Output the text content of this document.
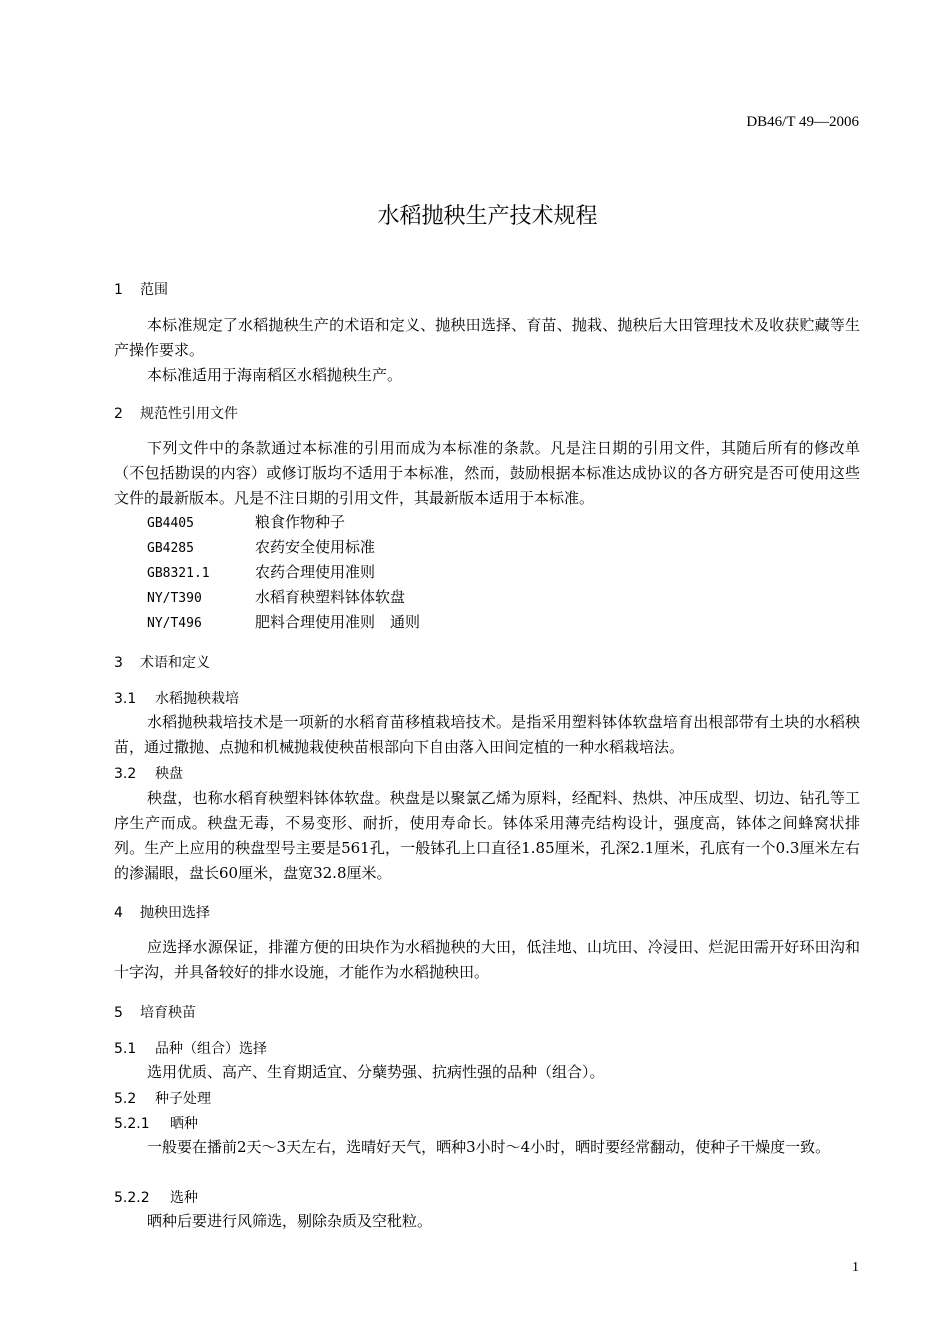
DB46/T 49—2006
水稻抛秧生产技术规程
1 范围
本标准规定了水稻抛秧生产的术语和定义、抛秧田选择、育苗、抛栽、抛秧后大田管理技术及收获贮藏等生产操作要求。
本标准适用于海南稻区水稻抛秧生产。
2 规范性引用文件
下列文件中的条款通过本标准的引用而成为本标准的条款。凡是注日期的引用文件，其随后所有的修改单（不包括勘误的内容）或修订版均不适用于本标准，然而，鼓励根据本标准达成协议的各方研究是否可使用这些文件的最新版本。凡是不注日期的引用文件，其最新版本适用于本标准。
GB4405	粮食作物种子
GB4285	农药安全使用标准
GB8321.1	农药合理使用准则
NY/T390	水稻育秧塑料钵体软盘
NY/T496	肥料合理使用准则　通则
3 术语和定义
3.1 水稻抛秧栽培
水稻抛秧栽培技术是一项新的水稻育苗移植栽培技术。是指采用塑料钵体软盘培育出根部带有土块的水稻秧苗，通过撒抛、点抛和机械抛栽使秧苗根部向下自由落入田间定植的一种水稻栽培法。
3.2 秧盘
秧盘，也称水稻育秧塑料钵体软盘。秧盘是以聚氯乙烯为原料，经配料、热烘、冲压成型、切边、钻孔等工序生产而成。秧盘无毒，不易变形、耐折，使用寿命长。钵体采用薄壳结构设计，强度高，钵体之间蜂窝状排列。生产上应用的秧盘型号主要是561孔，一般钵孔上口直径1.85厘米，孔深2.1厘米，孔底有一个0.3厘米左右的渗漏眼，盘长60厘米，盘宽32.8厘米。
4 抛秧田选择
应选择水源保证，排灌方便的田块作为水稻抛秧的大田，低洼地、山坑田、冷浸田、烂泥田需开好环田沟和十字沟，并具备较好的排水设施，才能作为水稻抛秧田。
5 培育秧苗
5.1 品种（组合）选择
选用优质、高产、生育期适宜、分蘖势强、抗病性强的品种（组合）。
5.2 种子处理
5.2.1 晒种
一般要在播前2天～3天左右，选晴好天气，晒种3小时～4小时，晒时要经常翻动，使种子干燥度一致。
5.2.2 选种
晒种后要进行风筛选，剔除杂质及空秕粒。
1
